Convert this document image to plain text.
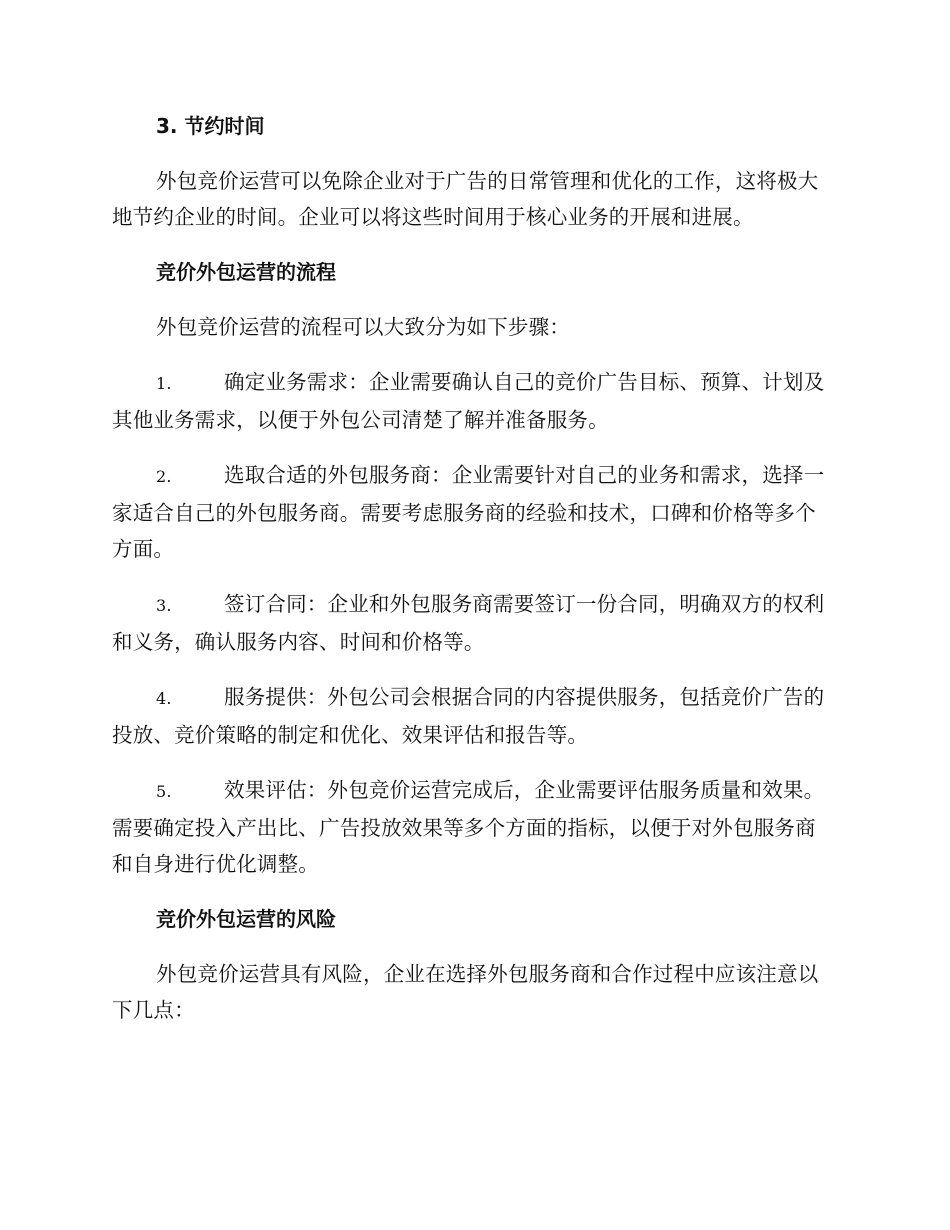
3. 节约时间

外包竞价运营可以免除企业对于广告的日常管理和优化的工作，这将极大地节约企业的时间。企业可以将这些时间用于核心业务的开展和进展。

竞价外包运营的流程

外包竞价运营的流程可以大致分为如下步骤：

1.	确定业务需求：企业需要确认自己的竞价广告目标、预算、计划及其他业务需求，以便于外包公司清楚了解并准备服务。
2.	选取合适的外包服务商：企业需要针对自己的业务和需求，选择一家适合自己的外包服务商。需要考虑服务商的经验和技术，口碑和价格等多个方面。
3.	签订合同：企业和外包服务商需要签订一份合同，明确双方的权利和义务，确认服务内容、时间和价格等。
4.	服务提供：外包公司会根据合同的内容提供服务，包括竞价广告的投放、竞价策略的制定和优化、效果评估和报告等。
5.	效果评估：外包竞价运营完成后，企业需要评估服务质量和效果。需要确定投入产出比、广告投放效果等多个方面的指标，以便于对外包服务商和自身进行优化调整。
竞价外包运营的风险

外包竞价运营具有风险，企业在选择外包服务商和合作过程中应该注意以下几点：
